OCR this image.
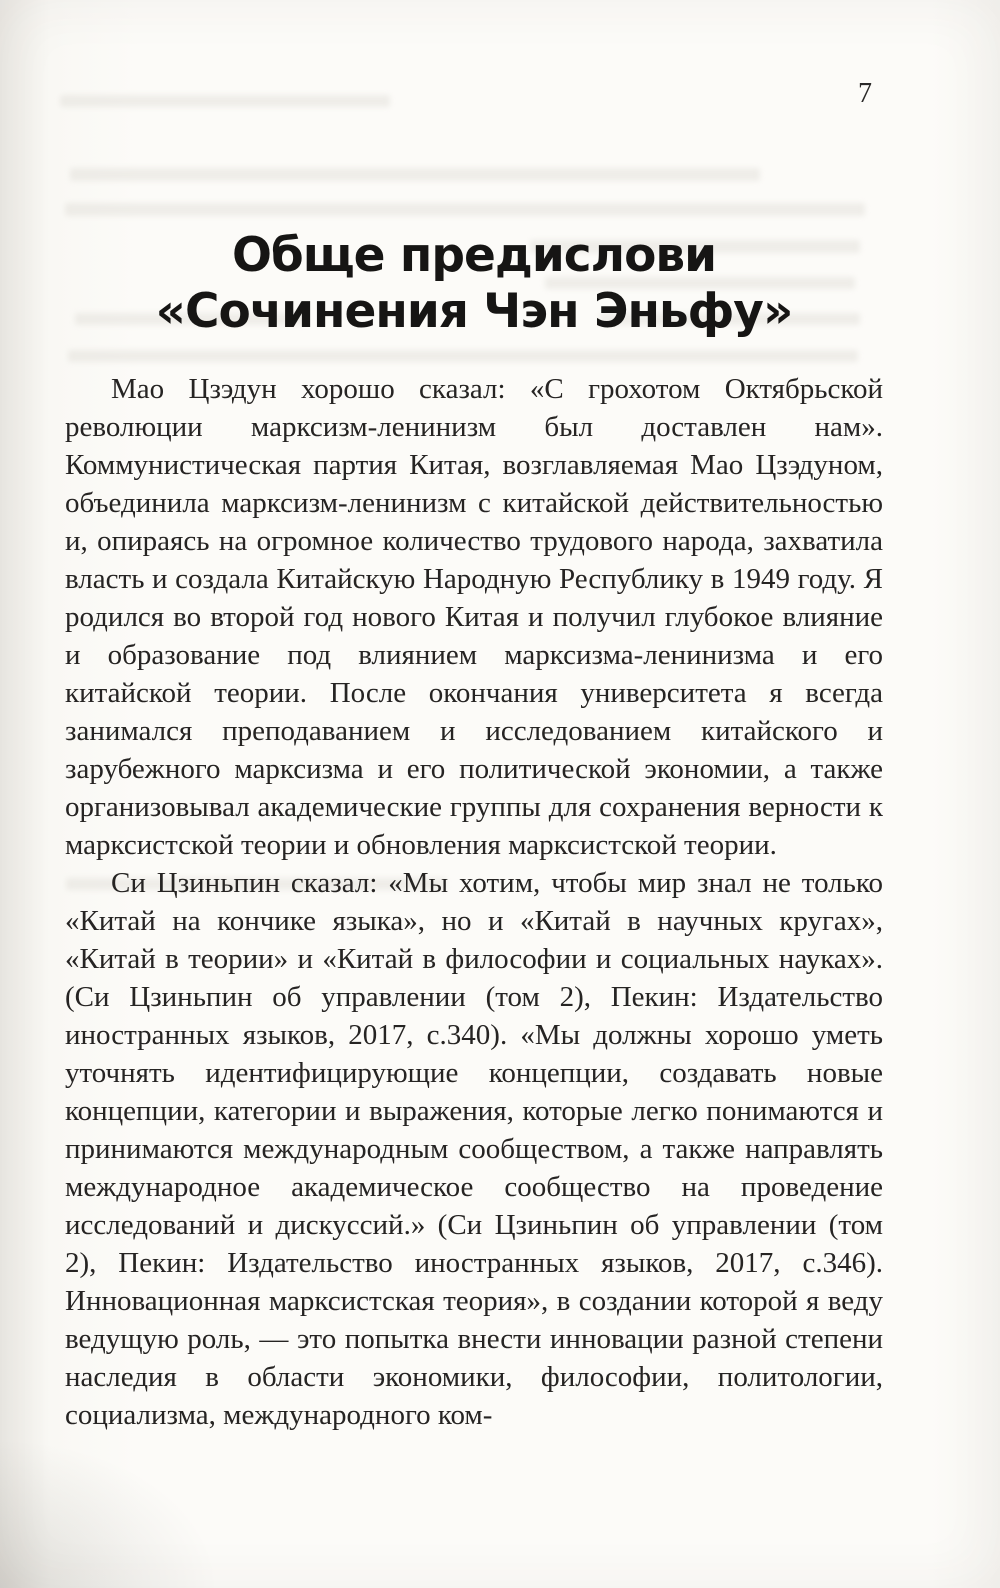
7
Обще предислови
«Сочинения Чэн Эньфу»

Мао Цзэдун хорошо сказал: «С грохотом Октябрьской революции марксизм-ленинизм был доставлен нам». Коммунистическая партия Китая, возглавляемая Мао Цзэдуном, объединила марксизм-ленинизм с китайской действительностью и, опираясь на огромное количество трудового народа, захватила власть и создала Китайскую Народную Республику в 1949 году. Я родился во второй год нового Китая и получил глубокое влияние и образование под влиянием марксизма-ленинизма и его китайской теории. После окончания университета я всегда занимался преподаванием и исследованием китайского и зарубежного марксизма и его политической экономии, а также организовывал академические группы для сохранения верности к марксистской теории и обновления марксистской теории.

Си Цзиньпин сказал: «Мы хотим, чтобы мир знал не только «Китай на кончике языка», но и «Китай в научных кругах», «Китай в теории» и «Китай в философии и социальных науках». (Си Цзиньпин об управлении (том 2), Пекин: Издательство иностранных языков, 2017, с.340). «Мы должны хорошо уметь уточнять идентифицирующие концепции, создавать новые концепции, категории и выражения, которые легко понимаются и принимаются международным сообществом, а также направлять международное академическое сообщество на проведение исследований и дискуссий.» (Си Цзиньпин об управлении (том 2), Пекин: Издательство иностранных языков, 2017, с.346). Инновационная марксистская теория», в создании которой я веду ведущую роль, — это попытка внести инновации разной степени наследия в области экономики, философии, политологии, социализма, международного ком-
